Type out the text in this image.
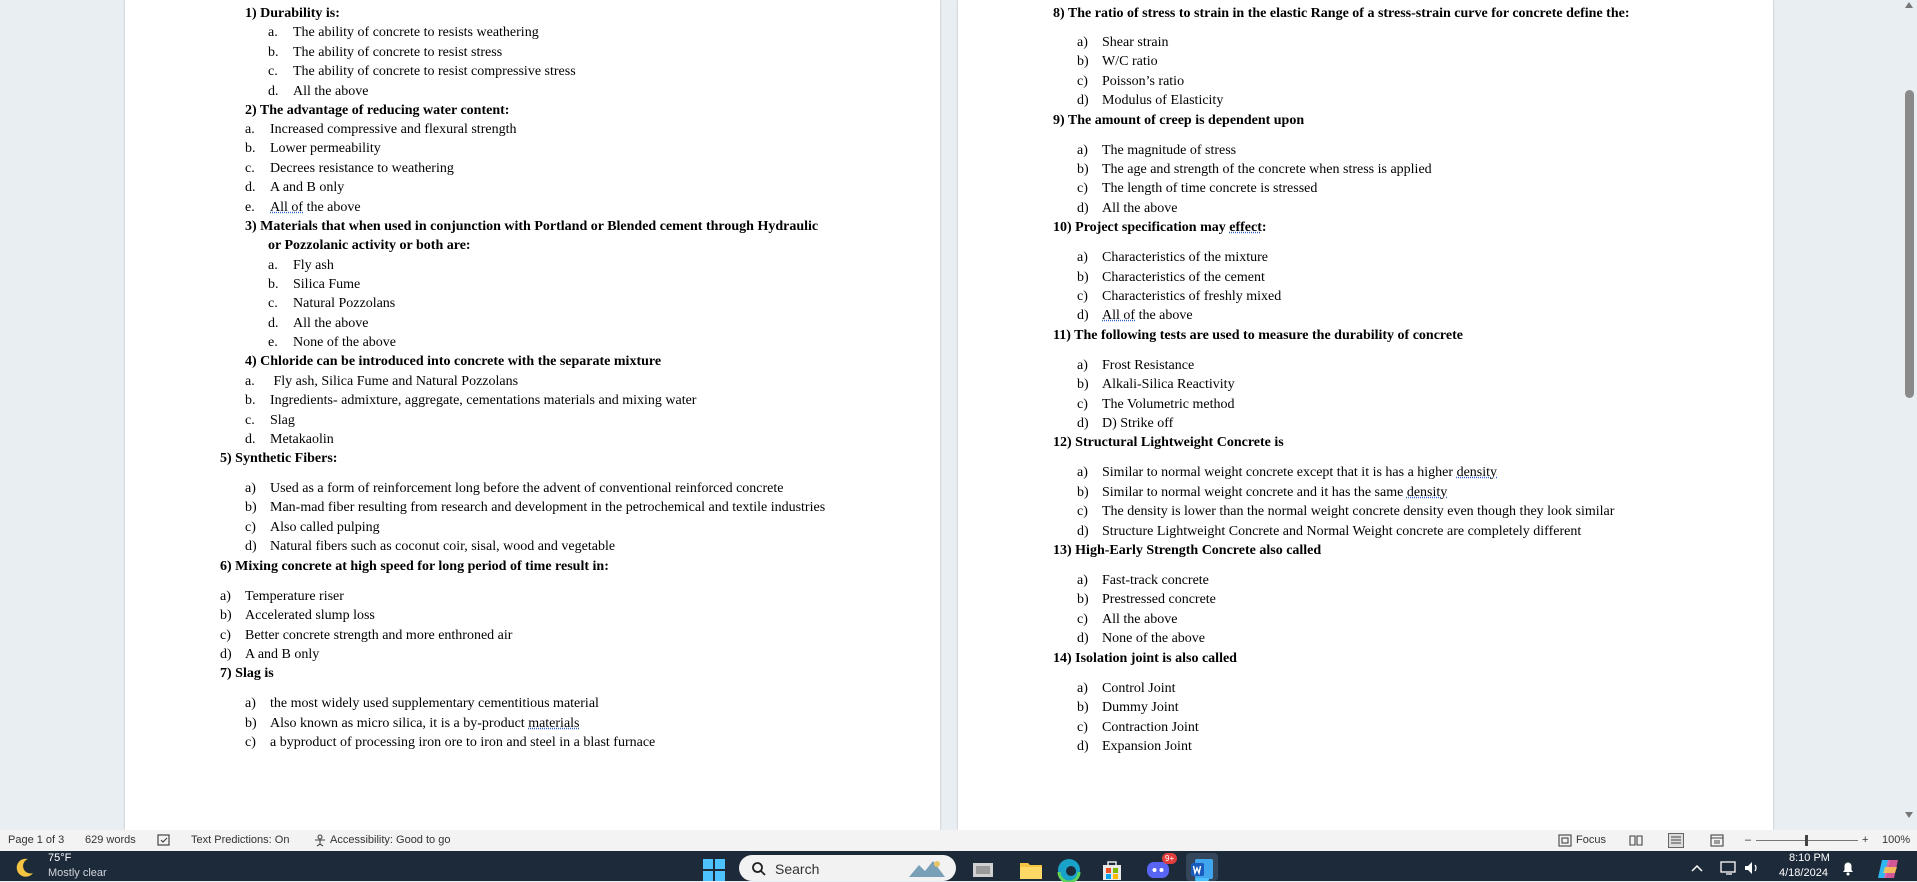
1) Durability is:
a. The ability of concrete to resists weathering
b. The ability of concrete to resist stress
c. The ability of concrete to resist compressive stress
d. All the above
2) The advantage of reducing water content:
a. Increased compressive and flexural strength
b. Lower permeability
c. Decrees resistance to weathering
d. A and B only
e. All of the above
3) Materials that when used in conjunction with Portland or Blended cement through Hydraulic
or Pozzolanic activity or both are:
a. Fly ash
b. Silica Fume
c. Natural Pozzolans
d. All the above
e. None of the above
4) Chloride can be introduced into concrete with the separate mixture
a. Fly ash, Silica Fume and Natural Pozzolans
b. Ingredients- admixture, aggregate, cementations materials and mixing water
c. Slag
d. Metakaolin
5) Synthetic Fibers:
a) Used as a form of reinforcement long before the advent of conventional reinforced concrete
b) Man-mad fiber resulting from research and development in the petrochemical and textile industries
c) Also called pulping
d) Natural fibers such as coconut coir, sisal, wood and vegetable
6) Mixing concrete at high speed for long period of time result in:
a) Temperature riser
b) Accelerated slump loss
c) Better concrete strength and more enthroned air
d) A and B only
7) Slag is
a) the most widely used supplementary cementitious material
b) Also known as micro silica, it is a by-product materials
c) a byproduct of processing iron ore to iron and steel in a blast furnace
8) The ratio of stress to strain in the elastic Range of a stress-strain curve for concrete define the:
a) Shear strain
b) W/C ratio
c) Poisson’s ratio
d) Modulus of Elasticity
9) The amount of creep is dependent upon
a) The magnitude of stress
b) The age and strength of the concrete when stress is applied
c) The length of time concrete is stressed
d) All the above
10) Project specification may effect:
a) Characteristics of the mixture
b) Characteristics of the cement
c) Characteristics of freshly mixed
d) All of the above
11) The following tests are used to measure the durability of concrete
a) Frost Resistance
b) Alkali-Silica Reactivity
c) The Volumetric method
d) D) Strike off
12) Structural Lightweight Concrete is
a) Similar to normal weight concrete except that it is has a higher density
b) Similar to normal weight concrete and it has the same density
c) The density is lower than the normal weight concrete density even though they look similar
d) Structure Lightweight Concrete and Normal Weight concrete are completely different
13) High-Early Strength Concrete also called
a) Fast-track concrete
b) Prestressed concrete
c) All the above
d) None of the above
14) Isolation joint is also called
a) Control Joint
b) Dummy Joint
c) Contraction Joint
d) Expansion Joint
Page 1 of 3 629 words	Text Predictions: On	Accessibility: Good to go	Focus	–	+ 100%
75°F
Mostly clear	Search
9+	8:10 PM
4/18/2024
